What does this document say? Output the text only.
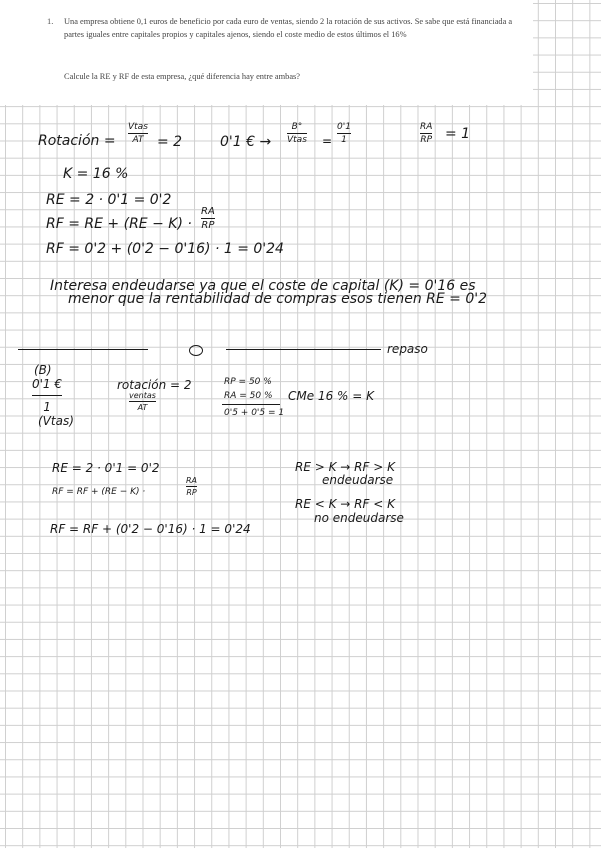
1. Una empresa obtiene 0,1 euros de beneficio por cada euro de ventas, siendo 2 la rotación de sus activos. Se sabe que está financiada a partes iguales entre capitales propios y capitales ajenos, siendo el coste medio de estos últimos el 16%
Calcule la RE y RF de esta empresa, ¿qué diferencia hay entre ambas?
Rotación =
Vtas
AT = 2	0'1 € →
B°
Vtas =
0'1
1
RA
RP = 1
K = 16 %
RE = 2 · 0'1 = 0'2
RF = RE + (RE − K) ·
RA
RP
RF = 0'2 + (0'2 − 0'16) · 1 = 0'24
Interesa endeudarse ya que el coste de capital (K) = 0'16 es
menor que la rentabilidad de compras esos tienen RE = 0'2
repaso
(B)
0'1 €
1
(Vtas)
rotación = 2
ventas
AT
RP = 50 %
RA = 50 %
0'5 + 0'5 = 1
CMe 16 % = K
RE = 2 · 0'1 = 0'2
RF = RF + (RE − K) ·
RA
RP
RF = RF + (0'2 − 0'16) · 1 = 0'24
RE > K → RF > K
endeudarse
RE < K → RF < K
no endeudarse
